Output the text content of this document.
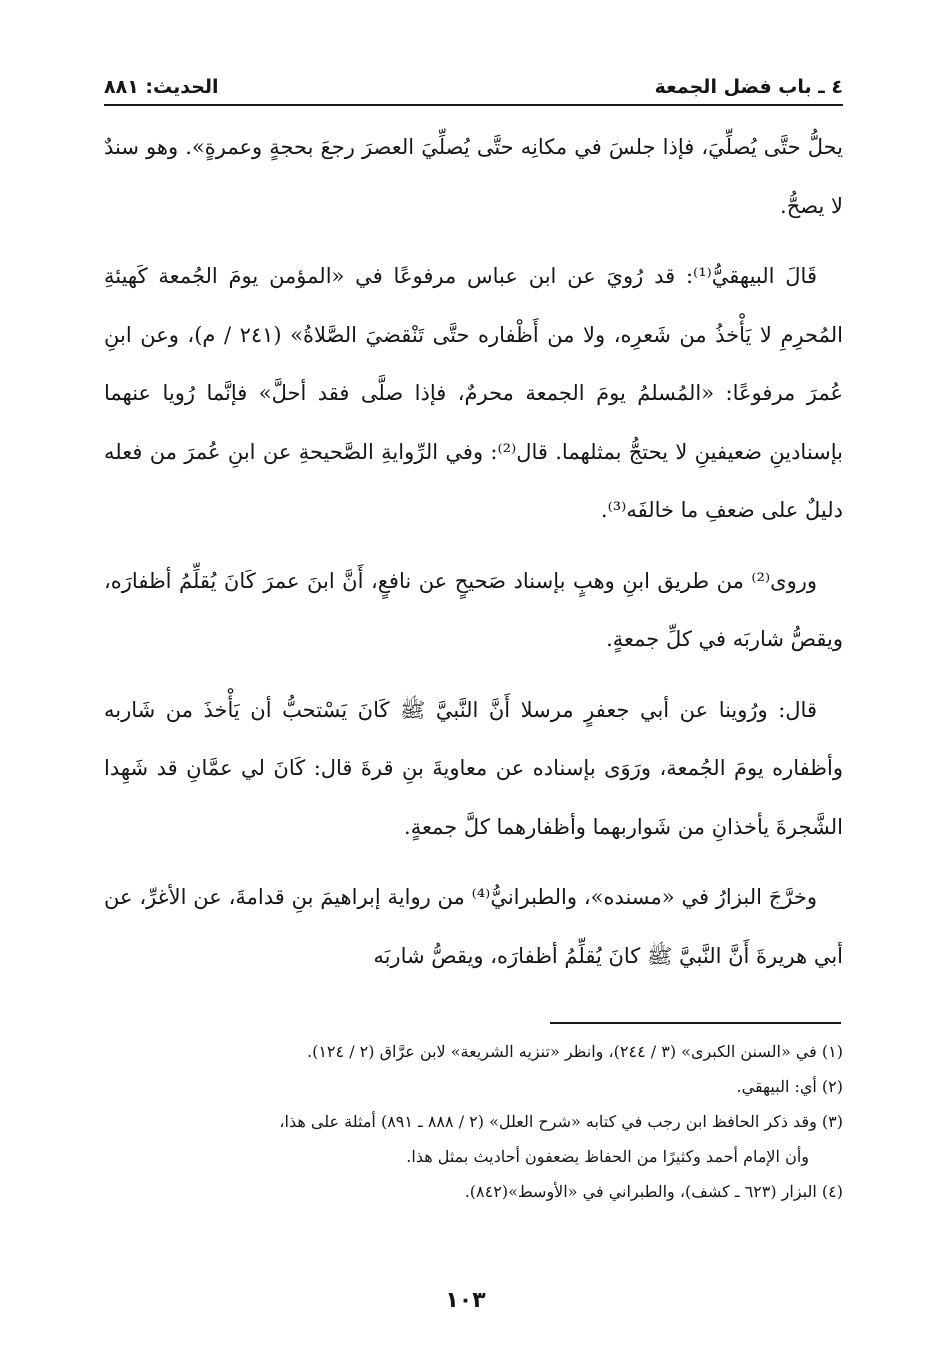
٤ ـ باب فضل الجمعة
الحديث: ٨٨١

يحلُّ حتَّى يُصلِّيَ، فإذا جلسَ في مكانِه حتَّى يُصلِّيَ العصرَ رجعَ بحجةٍ وعمرةٍ». وهو سندٌ لا يصحُّ.

قَالَ البيهقيُّ⁽¹⁾: قد رُويَ عن ابن عباس مرفوعًا في «المؤمن يومَ الجُمعة كَهيئةِ المُحرِمِ لا يَأْخذُ من شَعرِه، ولا من أَظْفاره حتَّى تَنْقضيَ الصَّلاةُ» (٢٤١ / م)، وعن ابنِ عُمرَ مرفوعًا: «المُسلمُ يومَ الجمعة محرمٌ، فإذا صلَّى فقد أحلَّ» فإنَّما رُويا عنهما بإسنادينِ ضعيفينِ لا يحتجُّ بمثلهما. قال⁽²⁾: وفي الرِّوايةِ الصَّحيحةِ عن ابنِ عُمرَ من فعله دليلٌ على ضعفِ ما خالفَه⁽³⁾.

وروى⁽²⁾ من طريق ابنِ وهبٍ بإسناد صَحيحٍ عن نافعٍ، أَنَّ ابنَ عمرَ كَانَ يُقلِّمُ أظفارَه، ويقصُّ شاربَه في كلِّ جمعةٍ.

قال: ورُوينا عن أبي جعفرٍ مرسلا أَنَّ النَّبيَّ ﷺ كَانَ يَسْتحبُّ أن يَأْخذَ من شَاربه وأظفاره يومَ الجُمعة، ورَوَى بإسناده عن معاويةَ بنِ قرةَ قال: كَانَ لي عمَّانِ قد شَهِدا الشَّجرةَ يأخذانِ من شَواربهما وأظفارهما كلَّ جمعةٍ.

وخرَّجَ البزارُ في «مسنده»، والطبرانيُّ⁽⁴⁾ من رواية إبراهيمَ بنِ قدامةَ، عن الأغرِّ، عن أبي هريرةَ أَنَّ النَّبيَّ ﷺ كانَ يُقلِّمُ أظفارَه، ويقصُّ شاربَه

(١) في «السنن الكبرى» (٣ / ٢٤٤)، وانظر «تنزيه الشريعة» لابن عرَّاق (٢ / ١٢٤).

(٢) أي: البيهقي.

(٣) وقد ذكر الحافظ ابن رجب في كتابه «شرح العلل» (٢ / ٨٨٨ ـ ٨٩١) أمثلة على هذا،

وأن الإمام أحمد وكثيرًا من الحفاظ يضعفون أحاديث بمثل هذا.

(٤) البزار (٦٢٣ ـ كشف)، والطبراني في «الأوسط»(٨٤٢).

١٠٣
